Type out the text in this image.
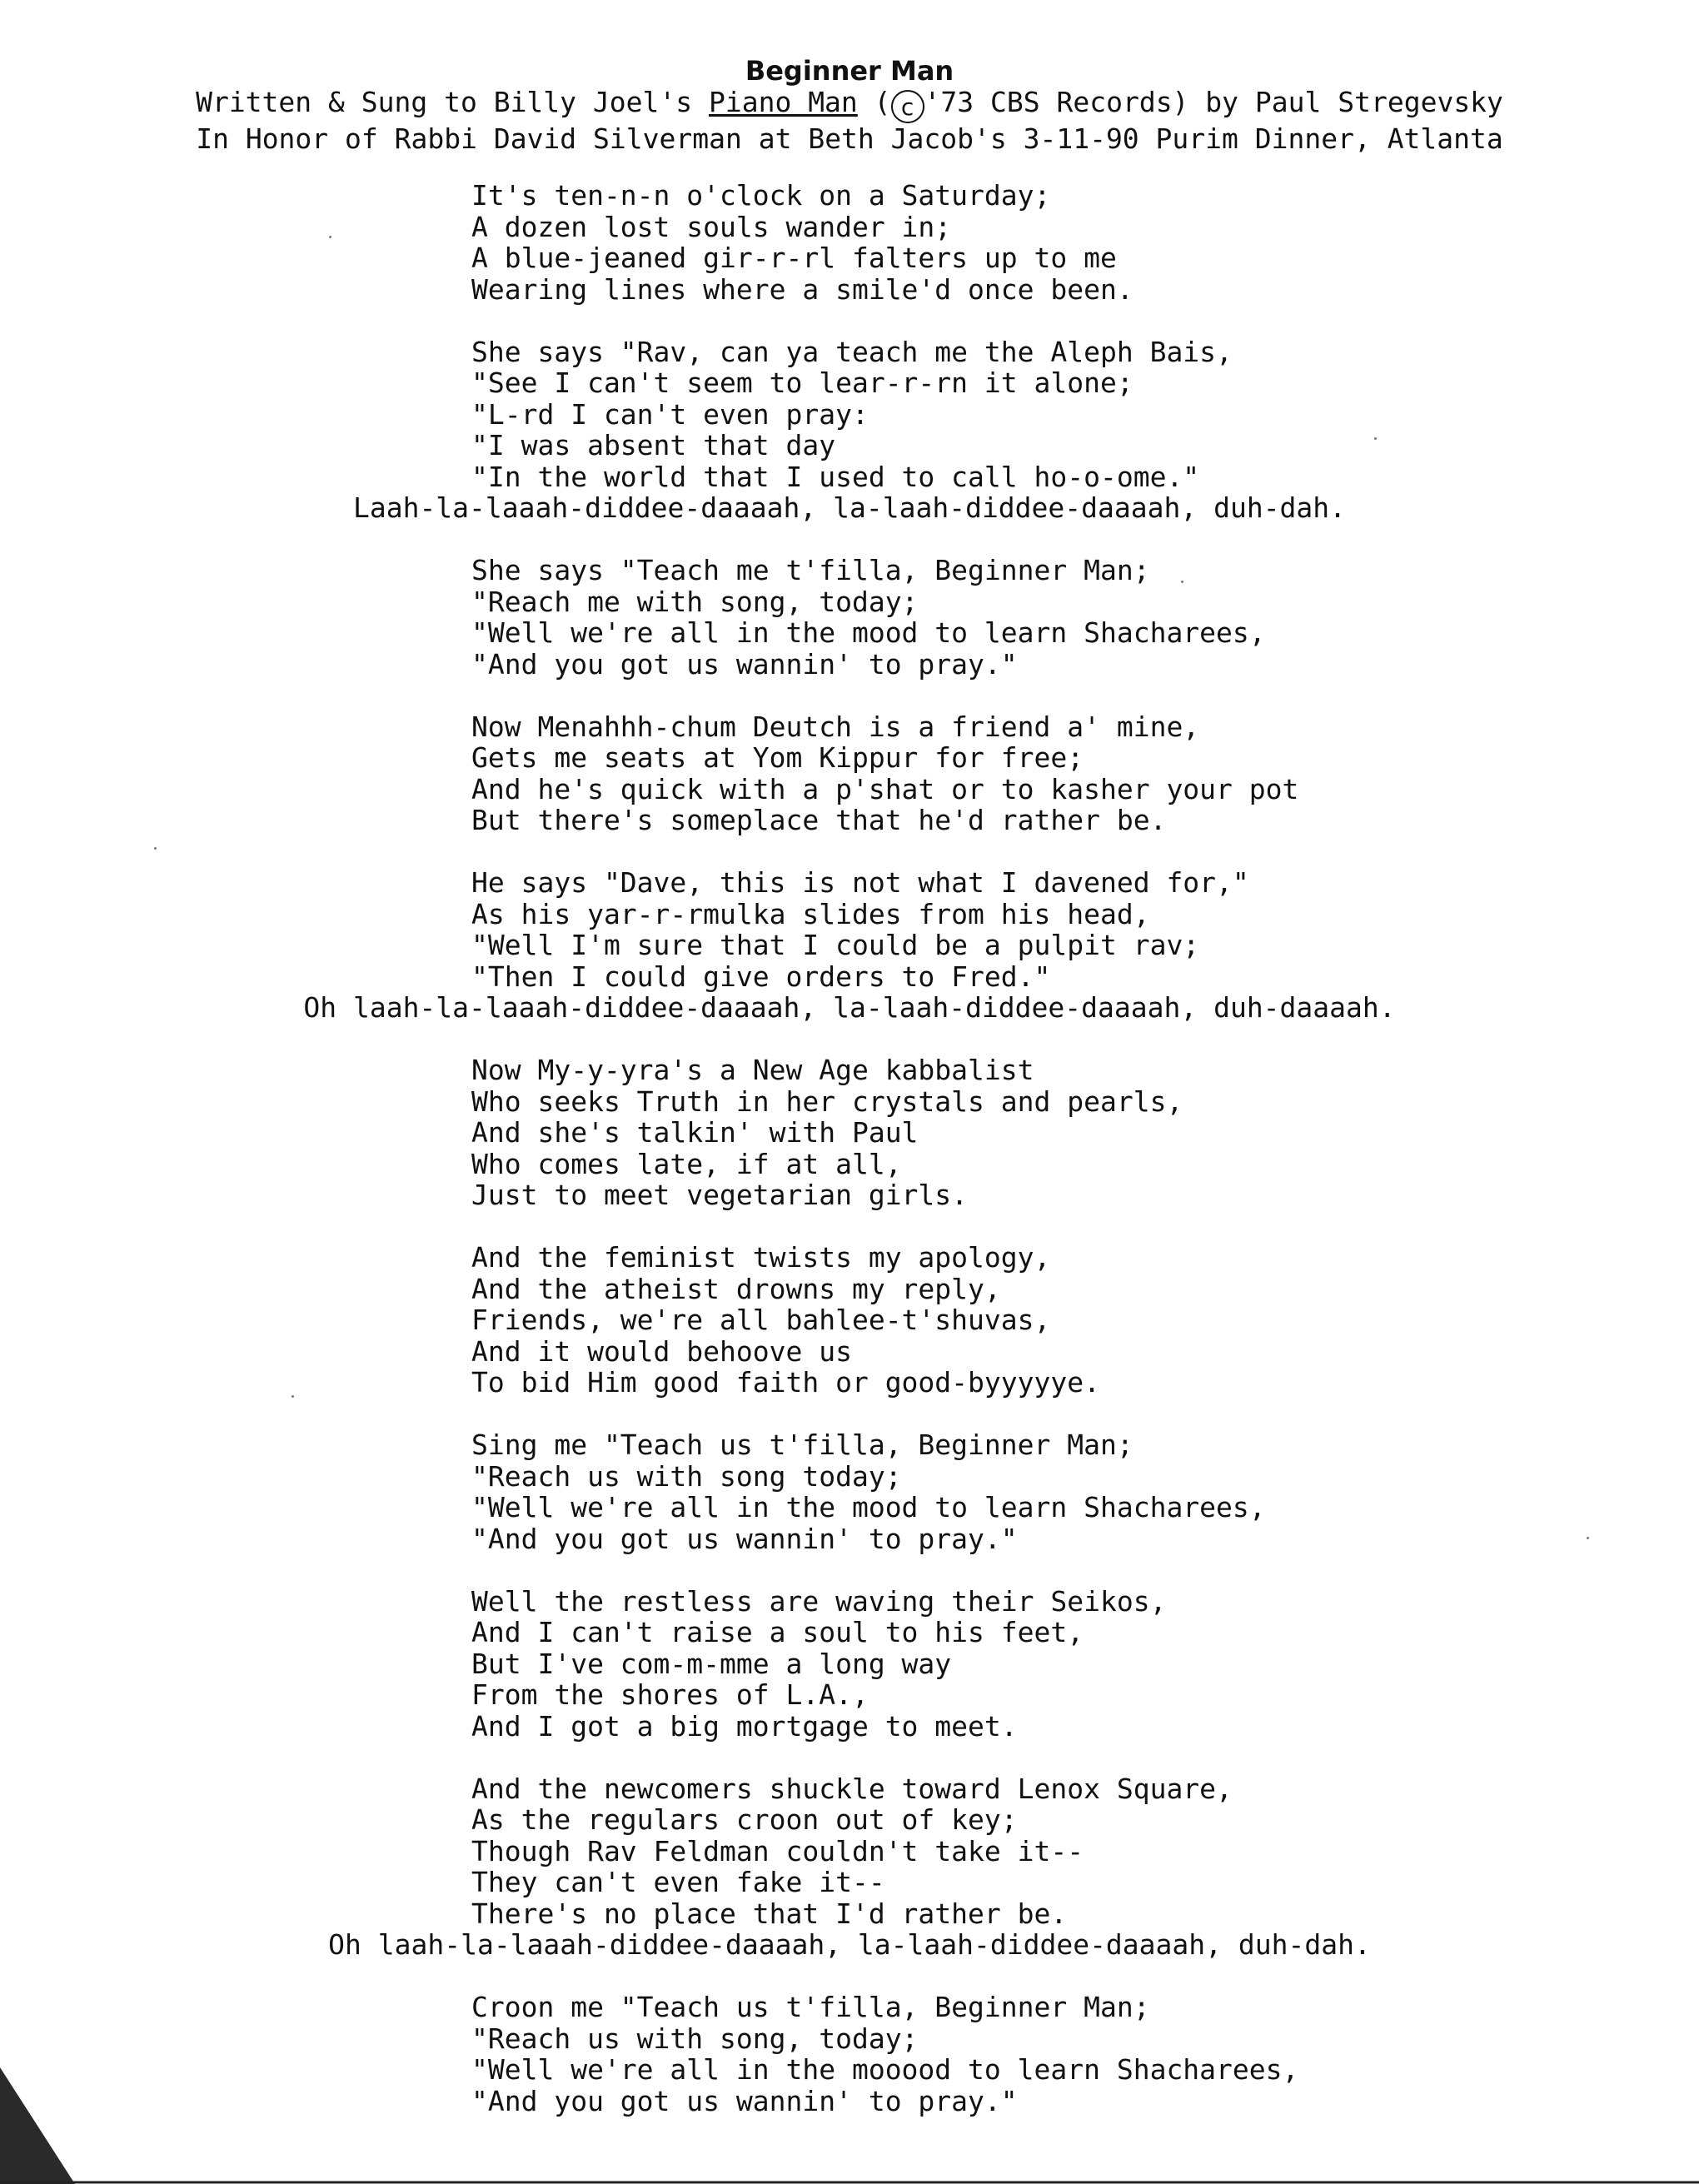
Beginner Man
Written & Sung to Billy Joel's Piano Man ( c '73 CBS Records) by Paul Stregevsky
In Honor of Rabbi David Silverman at Beth Jacob's 3-11-90 Purim Dinner, Atlanta
It's ten-n-n o'clock on a Saturday;
A dozen lost souls wander in;
A blue-jeaned gir-r-rl falters up to me
Wearing lines where a smile'd once been.
She says "Rav, can ya teach me the Aleph Bais,
"See I can't seem to lear-r-rn it alone;
"L-rd I can't even pray:
"I was absent that day
"In the world that I used to call ho-o-ome."
Laah-la-laaah-diddee-daaaah, la-laah-diddee-daaaah, duh-dah.
She says "Teach me t'filla, Beginner Man;
"Reach me with song, today;
"Well we're all in the mood to learn Shacharees,
"And you got us wannin' to pray."
Now Menahhh-chum Deutch is a friend a' mine,
Gets me seats at Yom Kippur for free;
And he's quick with a p'shat or to kasher your pot
But there's someplace that he'd rather be.
He says "Dave, this is not what I davened for,"
As his yar-r-rmulka slides from his head,
"Well I'm sure that I could be a pulpit rav;
"Then I could give orders to Fred."
Oh laah-la-laaah-diddee-daaaah, la-laah-diddee-daaaah, duh-daaaah.
Now My-y-yra's a New Age kabbalist
Who seeks Truth in her crystals and pearls,
And she's talkin' with Paul
Who comes late, if at all,
Just to meet vegetarian girls.
And the feminist twists my apology,
And the atheist drowns my reply,
Friends, we're all bahlee-t'shuvas,
And it would behoove us
To bid Him good faith or good-byyyyye.
Sing me "Teach us t'filla, Beginner Man;
"Reach us with song today;
"Well we're all in the mood to learn Shacharees,
"And you got us wannin' to pray."
Well the restless are waving their Seikos,
And I can't raise a soul to his feet,
But I've com-m-mme a long way
From the shores of L.A.,
And I got a big mortgage to meet.
And the newcomers shuckle toward Lenox Square,
As the regulars croon out of key;
Though Rav Feldman couldn't take it--
They can't even fake it--
There's no place that I'd rather be.
Oh laah-la-laaah-diddee-daaaah, la-laah-diddee-daaaah, duh-dah.
Croon me "Teach us t'filla, Beginner Man;
"Reach us with song, today;
"Well we're all in the mooood to learn Shacharees,
"And you got us wannin' to pray."
